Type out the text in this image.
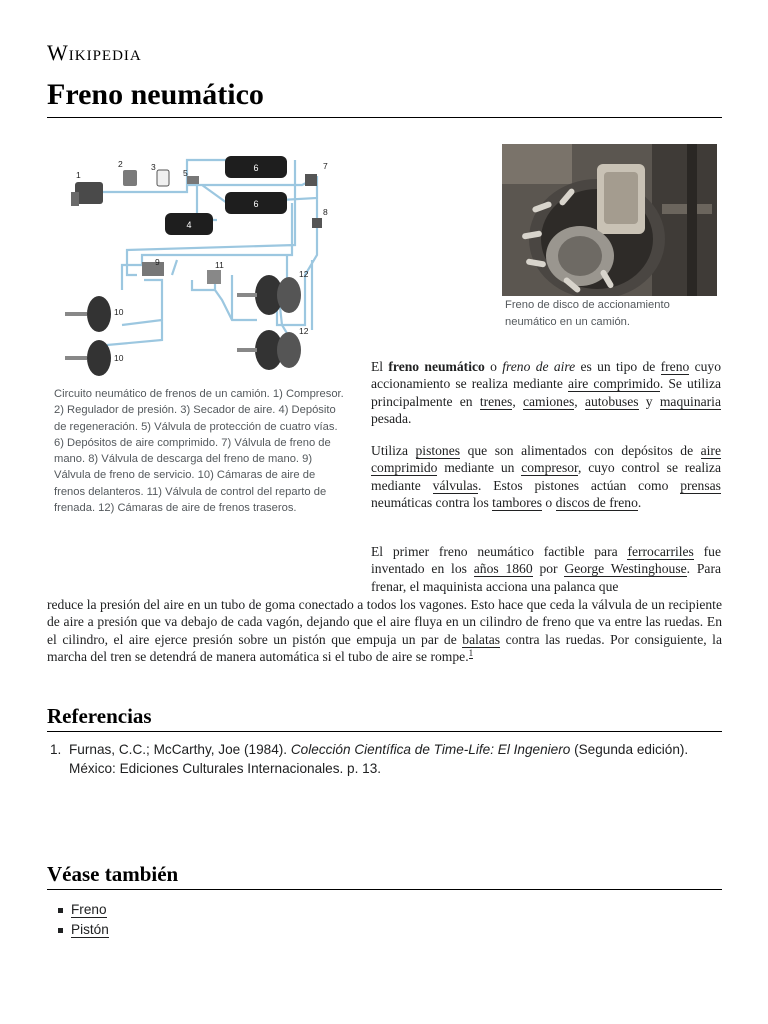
Wikipedia
Freno neumático
6
6
4
1
2	3
5
7
8
9
10
10
11
12
12
Circuito neumático de frenos de un camión. 1) Compresor. 2) Regulador de presión. 3) Secador de aire. 4) Depósito de regeneración. 5) Válvula de protección de cuatro vías. 6) Depósitos de aire comprimido. 7) Válvula de freno de mano. 8) Válvula de descarga del freno de mano. 9) Válvula de freno de servicio. 10) Cámaras de aire de frenos delanteros. 11) Válvula de control del reparto de frenada. 12) Cámaras de aire de frenos traseros.
Freno de disco de accionamiento neumático en un camión.

El freno neumático o freno de aire es un tipo de freno cuyo accionamiento se realiza mediante aire comprimido. Se utiliza principalmente en trenes, camiones, autobuses y maquinaria pesada.

Utiliza pistones que son alimentados con depósitos de aire comprimido mediante un compresor, cuyo control se realiza mediante válvulas. Estos pistones actúan como prensas neumáticas contra los tambores o discos de freno.

El primer freno neumático factible para ferrocarriles fue inventado en los años 1860 por George Westinghouse. Para frenar, el maquinista acciona una palanca que

reduce la presión del aire en un tubo de goma conectado a todos los vagones. Esto hace que ceda la válvula de un recipiente de aire a presión que va debajo de cada vagón, dejando que el aire fluya en un cilindro de freno que va entre las ruedas. En el cilindro, el aire ejerce presión sobre un pistón que empuja un par de balatas contra las ruedas. Por consiguiente, la marcha del tren se detendrá de manera automática si el tubo de aire se rompe.$^1$

Referencias
1. Furnas, C.C.; McCarthy, Joe (1984). Colección Científica de Time-Life: El Ingeniero (Segunda edición). México: Ediciones Culturales Internacionales. p. 13.
Véase también
Freno
Pistón
